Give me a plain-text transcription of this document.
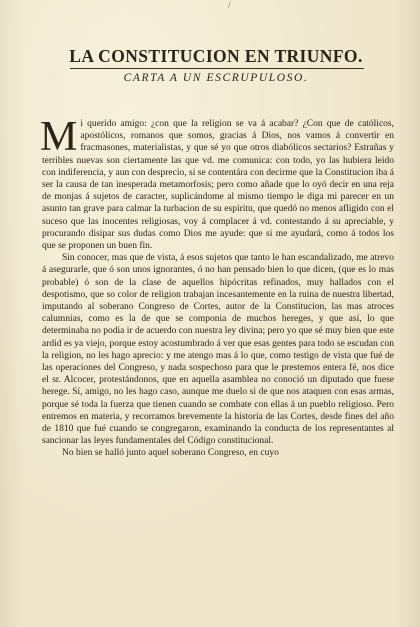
/
LA CONSTITUCION EN TRIUNFO.
CARTA A UN ESCRUPULOSO.

Mi querido amigo: ¿con que la religion se va á acabar? ¿Con que de católicos, apostólicos, romanos que somos, gracias á Dios, nos vamos á convertir en fracmasones, materialistas, y que sé yo que otros diabólicos sectarios? Estrañas y terribles nuevas son ciertamente las que vd. me comunica: con todo, yo las hubiera leido con indiferencia, y aun con desprecio, si se contentára con decirme que la Constitucion iba á ser la causa de tan inesperada metamorfosis; pero como añade que lo oyó decir en una reja de monjas á sujetos de caracter, suplicándome al mismo tiempo le diga mi parecer en un asunto tan grave para calmar la turbacion de su espíritu, que quedó no menos afligido con el suceso que las inocentes religiosas, voy á complacer á vd. contestando á su apreciable, y procurando disipar sus dudas como Dios me ayude: que si me ayudará, como á todos los que se proponen un buen fin.

Sin conocer, mas que de vista, á esos sujetos que tanto le han escandalizado, me atrevo á asegurarle, que ó son unos ignorantes, ó no han pensado bien lo que dicen, (que es lo mas probable) ó son de la clase de aquellos hipócritas refinados, muy hallados con el despotismo, que so color de religion trabajan incesantemente en la ruina de nuestra libertad, imputando al soberano Congreso de Cortes, autor de la Constitucion, las mas atroces calumnias, como es la de que se componia de muchos hereges, y que así, lo que determinaba no podia ir de acuerdo con nuestra ley divina; pero yo que sé muy bien que este ardid es ya viejo, porque estoy acostumbrado á ver que esas gentes para todo se escudan con la religion, no les hago aprecio: y me atengo mas á lo que, como testigo de vista que fué de las operaciones del Congreso, y nada sospechoso para que le prestemos entera fé, nos dice el sr. Alcocer, protestándonos, que en aquella asamblea no conoció un diputado que fuese herege. Sí, amigo, no les hago caso, aunque me duelo si de que nos ataquen con esas armas, porque sé toda la fuerza que tienen cuando se combate con ellas á un pueblo religioso. Pero entremos en materia, y recorramos brevemente la historia de las Cortes, desde fines del año de 1810 que fué cuando se congregaron, examinando la conducta de los representantes al sancionar las leyes fundamentales del Código constitucional.

No bien se halló junto aquel soberano Congreso, en cuyo
